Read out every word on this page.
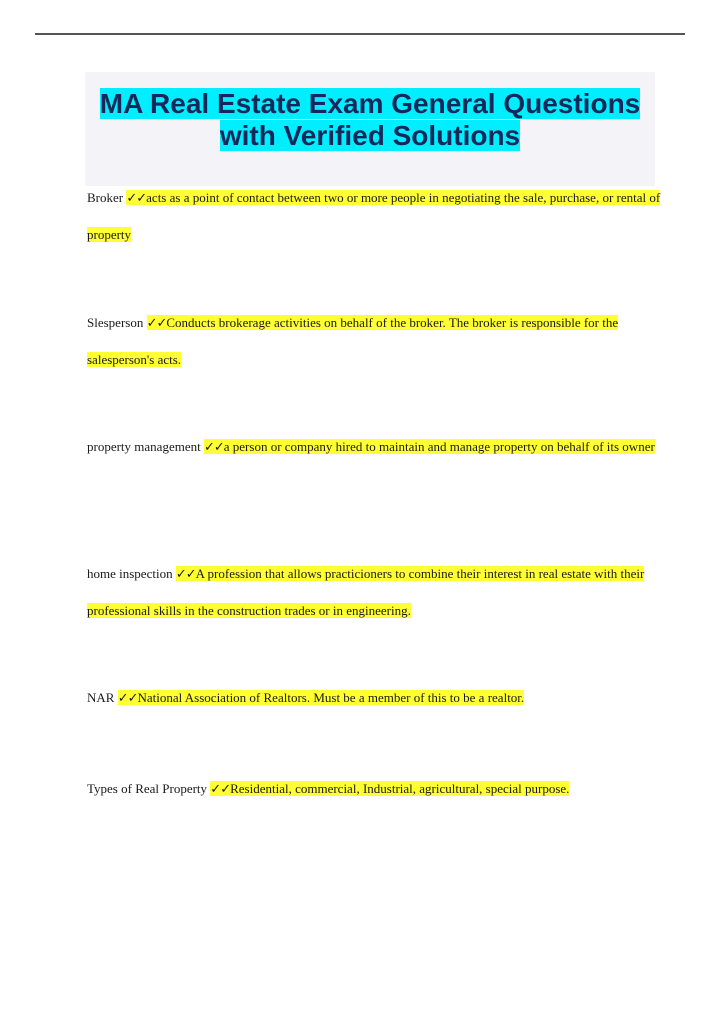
MA Real Estate Exam General Questions
with Verified Solutions

Broker ✓✓acts as a point of contact between two or more people in negotiating the sale, purchase, or rental of property

Slesperson ✓✓Conducts brokerage activities on behalf of the broker. The broker is responsible for the salesperson's acts.

property management ✓✓a person or company hired to maintain and manage property on behalf of its owner

home inspection ✓✓A profession that allows practicioners to combine their interest in real estate with their professional skills in the construction trades or in engineering.

NAR ✓✓National Association of Realtors. Must be a member of this to be a realtor.

Types of Real Property ✓✓Residential, commercial, Industrial, agricultural, special purpose.
